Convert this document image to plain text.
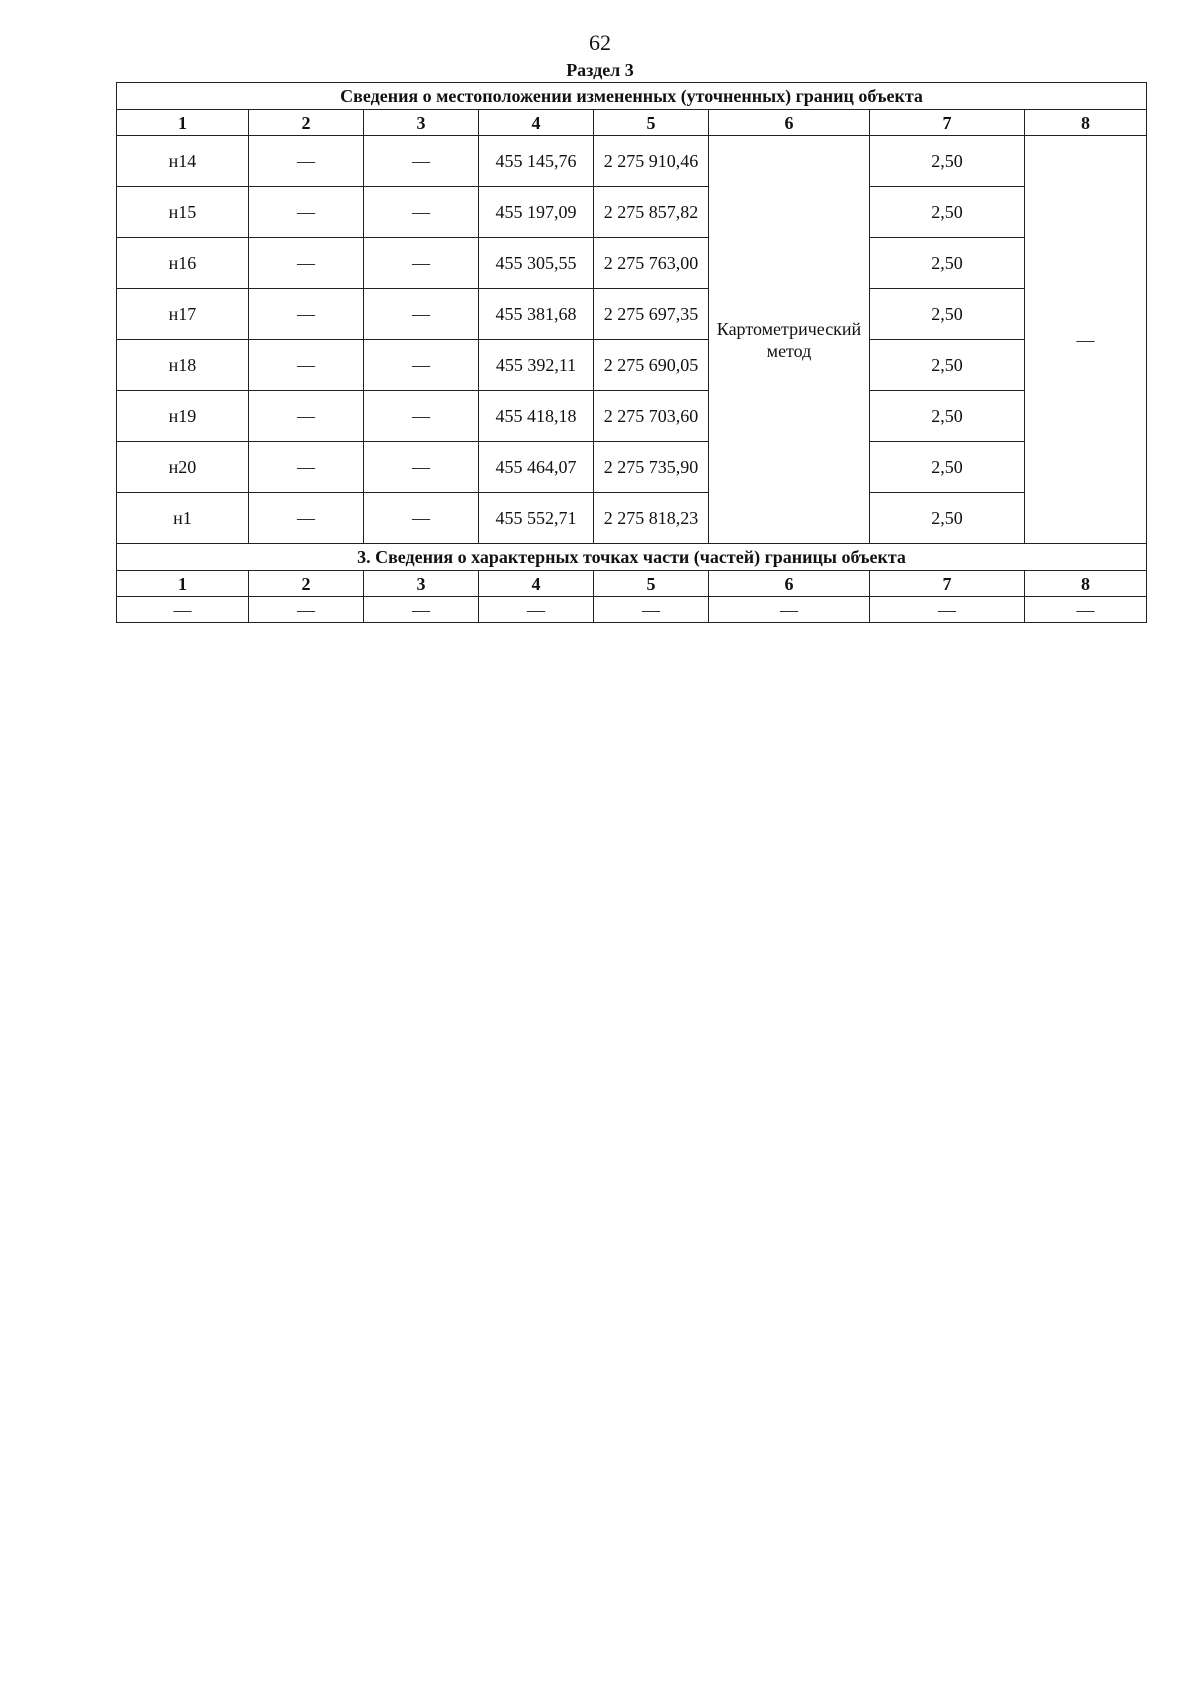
62
Раздел 3
Сведения о местоположении измененных (уточненных) границ объекта							
1	2	3	4	5	6	7	8
н14	—	—	455 145,76	2 275 910,46	Картометрический метод	2,50	—
н15	—	—	455 197,09	2 275 857,82		2,50	
н16	—	—	455 305,55	2 275 763,00		2,50	
н17	—	—	455 381,68	2 275 697,35		2,50	
н18	—	—	455 392,11	2 275 690,05		2,50	
н19	—	—	455 418,18	2 275 703,60		2,50	
н20	—	—	455 464,07	2 275 735,90		2,50	
н1	—	—	455 552,71	2 275 818,23		2,50	
3. Сведения о характерных точках части (частей) границы объекта							
1	2	3	4	5	6	7	8
—	—	—	—	—	—	—	—
